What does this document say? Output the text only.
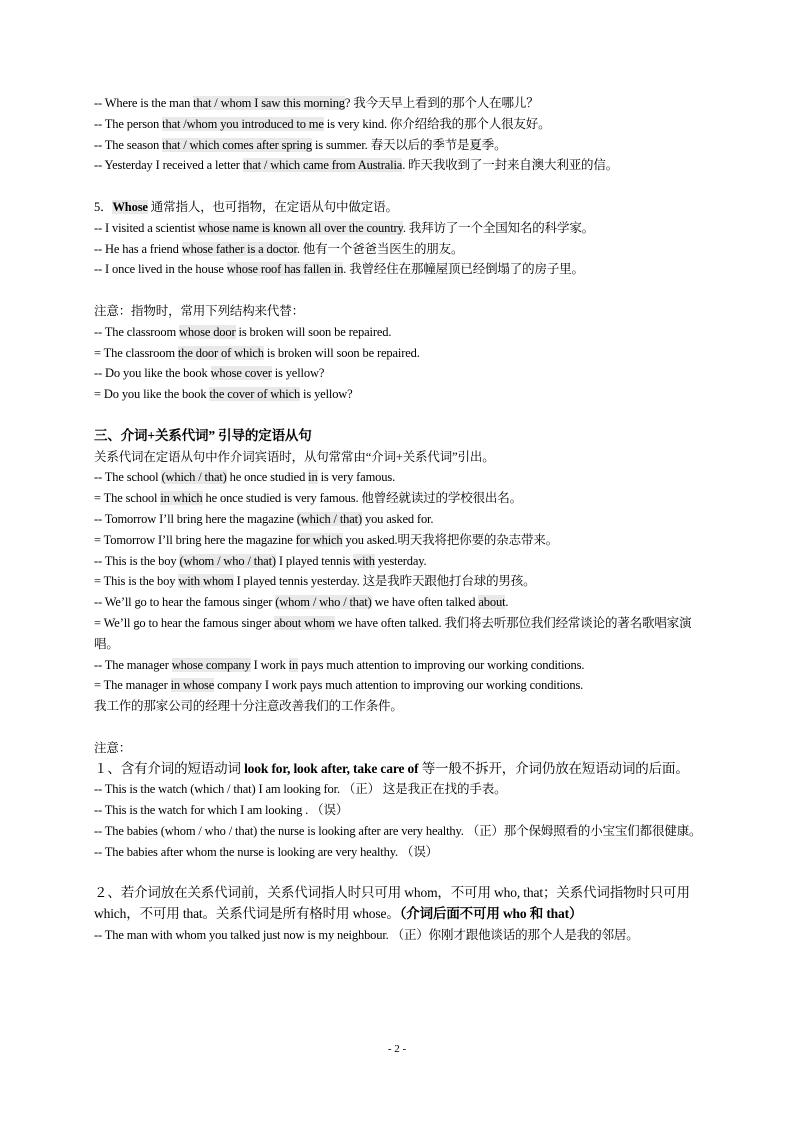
-- Where is the man that / whom I saw this morning? 我今天早上看到的那个人在哪儿？
-- The person that /whom you introduced to me is very kind. 你介绍给我的那个人很友好。
-- The season that / which comes after spring is summer. 春天以后的季节是夏季。
-- Yesterday I received a letter that / which came from Australia. 昨天我收到了一封来自澳大利亚的信。
5．Whose 通常指人，也可指物，在定语从句中做定语。
-- I visited a scientist whose name is known all over the country. 我拜访了一个全国知名的科学家。
-- He has a friend whose father is a doctor. 他有一个爸爸当医生的朋友。
-- I once lived in the house whose roof has fallen in. 我曾经住在那幢屋顶已经倒塌了的房子里。
注意：指物时，常用下列结构来代替：
-- The classroom whose door is broken will soon be repaired.
= The classroom the door of which is broken will soon be repaired.
-- Do you like the book whose cover is yellow?
= Do you like the book the cover of which is yellow?
三、介词+关系代词” 引导的定语从句
关系代词在定语从句中作介词宾语时，从句常常由“介词+关系代词”引出。
-- The school (which / that) he once studied in is very famous.
= The school in which he once studied is very famous. 他曾经就读过的学校很出名。
-- Tomorrow I’ll bring here the magazine (which / that) you asked for.
= Tomorrow I’ll bring here the magazine for which you asked.明天我将把你要的杂志带来。
-- This is the boy (whom / who / that) I played tennis with yesterday.
= This is the boy with whom I played tennis yesterday. 这是我昨天跟他打台球的男孩。
-- We’ll go to hear the famous singer (whom / who / that) we have often talked about.
= We’ll go to hear the famous singer about whom we have often talked. 我们将去听那位我们经常谈论的著名歌唱家演唱。
-- The manager whose company I work in pays much attention to improving our working conditions.
= The manager in whose company I work pays much attention to improving our working conditions.
我工作的那家公司的经理十分注意改善我们的工作条件。
注意：
１、含有介词的短语动词 look for, look after, take care of 等一般不拆开，介词仍放在短语动词的后面。
-- This is the watch (which / that) I am looking for. （正） 这是我正在找的手表。
-- This is the watch for which I am looking . （误）
-- The babies (whom / who / that) the nurse is looking after are very healthy. （正）那个保姆照看的小宝宝们都很健康。
-- The babies after whom the nurse is looking are very healthy. （误）
２、若介词放在关系代词前，关系代词指人时只可用 whom，不可用 who, that；关系代词指物时只可用 which，不可用 that。关系代词是所有格时用 whose。（介词后面不可用 who 和 that）
-- The man with whom you talked just now is my neighbour. （正）你刚才跟他谈话的那个人是我的邻居。
- 2 -
